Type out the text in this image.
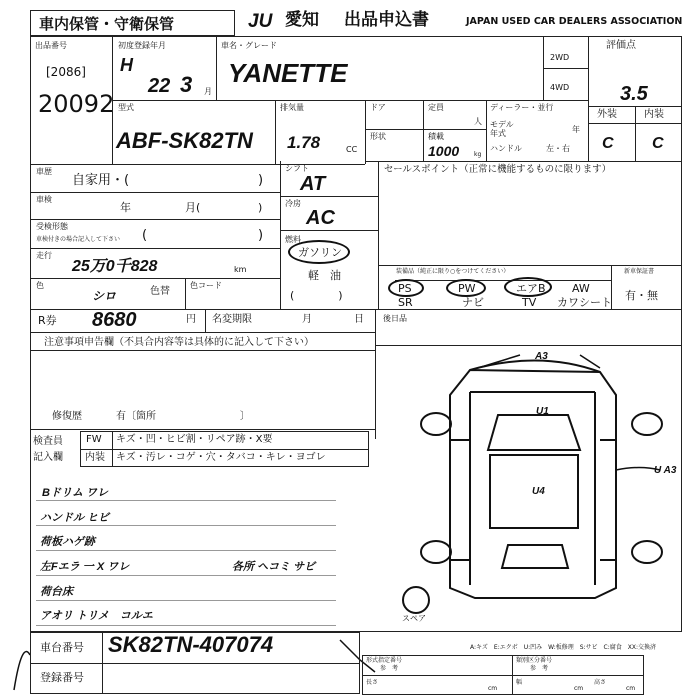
車内保管・守衛保管	JU 愛知 出品申込書	JAPAN USED CAR DEALERS ASSOCIATION
出品番号
[2086]
20092
初度登録年月
H
22 3 月
車名・グレード
YANETTE
2WD
4WD
評価点
3.5
外装	内装
C C
型式
ABF-SK82TN
排気量
1.78	CC
ドア
形状
定員
人
積載
1000 kg
ディーラー・並行
モデル
年式	年
ハンドル	左・右
車歴
自家用・(	)
車検
年	月(	)
受検形態
車検付きの場合記入して下さい (	)
走行
25万0千828	km
色
シロ	色替
色コード
シフト
AT
冷房
AC
燃料
ガソリン
軽　油
(　　　　)
セールスポイント（正常に機能するものに限ります）
装備品（純正に限り○をつけてください）
PS	PW	エアB AW
SR	ナビ	TV カワシート
新車保証書
有・無
R券 8680	円 名変期限	月	日 後日品
注意事項申告欄（不具合内容等は具体的に記入して下さい）
修復歴	有〔箇所	〕
検査員
記入欄
FW キズ・凹・ヒビ割・リペア跡・X要
内装 キズ・汚レ・コゲ・穴・タバコ・キレ・ヨゴレ
Bドリム ワレ
ハンドル ヒビ
荷板ハゲ跡
左Fエラ 一 X ワレ	各所 ヘコミ サビ
荷台床
アオリ トリメ　コルエ
A3
U1
U4
U A3
スペア
A:キズ　E:エクボ　U:凹み　W:板修理　S:サビ　C:腐食　XX:交換済
車台番号 SK82TN-407074
登録番号
形式指定番号
参　考
類別区分番号
参　考
長さ
cm
幅
cm
高さ
cm
